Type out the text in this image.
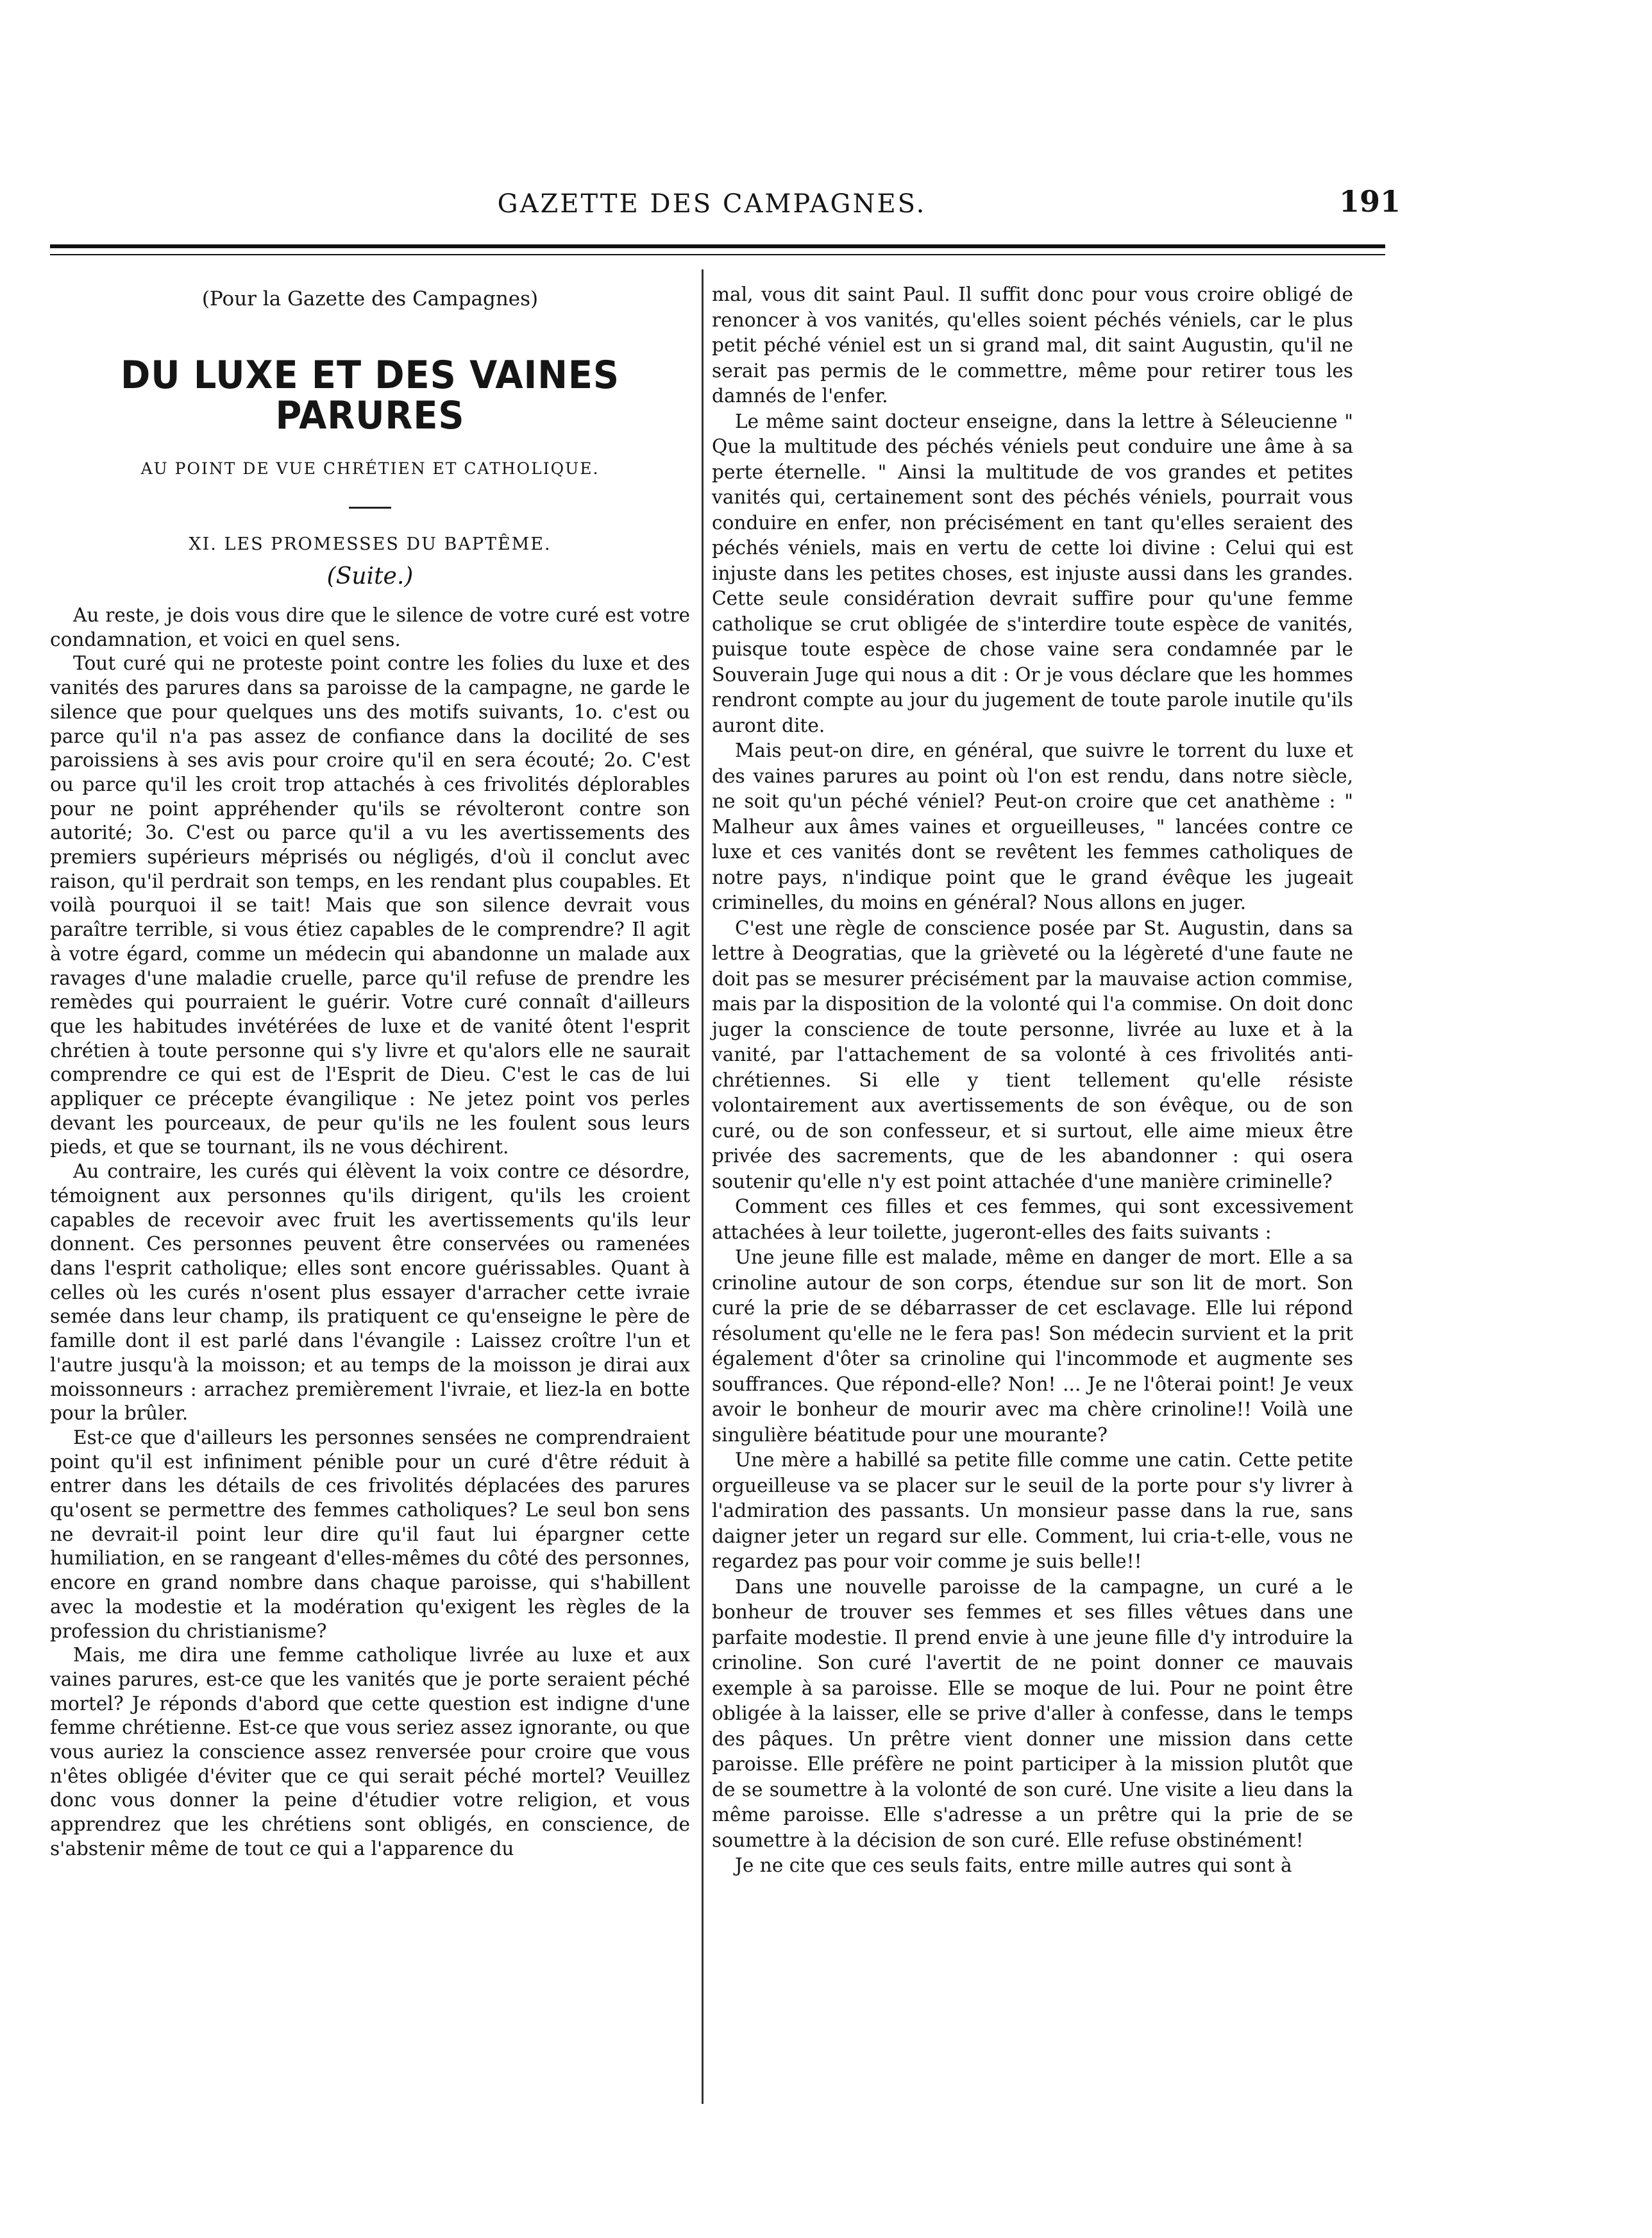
GAZETTE DES CAMPAGNES.	191
(Pour la Gazette des Campagnes)
DU LUXE ET DES VAINES PARURES
AU POINT DE VUE CHRÉTIEN ET CATHOLIQUE.
XI. LES PROMESSES DU BAPTÊME.
(Suite.)

Au reste, je dois vous dire que le silence de votre curé est votre condamnation, et voici en quel sens.

Tout curé qui ne proteste point contre les folies du luxe et des vanités des parures dans sa paroisse de la campagne, ne garde le silence que pour quelques uns des motifs suivants, 1o. c'est ou parce qu'il n'a pas assez de confiance dans la docilité de ses paroissiens à ses avis pour croire qu'il en sera écouté; 2o. C'est ou parce qu'il les croit trop attachés à ces frivolités déplorables pour ne point appréhender qu'ils se révolteront contre son autorité; 3o. C'est ou parce qu'il a vu les avertissements des premiers supérieurs méprisés ou négligés, d'où il conclut avec raison, qu'il perdrait son temps, en les rendant plus coupables. Et voilà pourquoi il se tait! Mais que son silence devrait vous paraître terrible, si vous étiez capables de le comprendre? Il agit à votre égard, comme un médecin qui abandonne un malade aux ravages d'une maladie cruelle, parce qu'il refuse de prendre les remèdes qui pourraient le guérir. Votre curé connaît d'ailleurs que les habitudes invétérées de luxe et de vanité ôtent l'esprit chrétien à toute personne qui s'y livre et qu'alors elle ne saurait comprendre ce qui est de l'Esprit de Dieu. C'est le cas de lui appliquer ce précepte évangilique : Ne jetez point vos perles devant les pourceaux, de peur qu'ils ne les foulent sous leurs pieds, et que se tournant, ils ne vous déchirent.

Au contraire, les curés qui élèvent la voix contre ce désordre, témoignent aux personnes qu'ils dirigent, qu'ils les croient capables de recevoir avec fruit les avertissements qu'ils leur donnent. Ces personnes peuvent être conservées ou ramenées dans l'esprit catholique; elles sont encore guérissables. Quant à celles où les curés n'osent plus essayer d'arracher cette ivraie semée dans leur champ, ils pratiquent ce qu'enseigne le père de famille dont il est parlé dans l'évangile : Laissez croître l'un et l'autre jusqu'à la moisson; et au temps de la moisson je dirai aux moissonneurs : arrachez premièrement l'ivraie, et liez-la en botte pour la brûler.

Est-ce que d'ailleurs les personnes sensées ne comprendraient point qu'il est infiniment pénible pour un curé d'être réduit à entrer dans les détails de ces frivolités déplacées des parures qu'osent se permettre des femmes catholiques? Le seul bon sens ne devrait-il point leur dire qu'il faut lui épargner cette humiliation, en se rangeant d'elles-mêmes du côté des personnes, encore en grand nombre dans chaque paroisse, qui s'habillent avec la modestie et la modération qu'exigent les règles de la profession du christianisme?

Mais, me dira une femme catholique livrée au luxe et aux vaines parures, est-ce que les vanités que je porte seraient péché mortel? Je réponds d'abord que cette question est indigne d'une femme chrétienne. Est-ce que vous seriez assez ignorante, ou que vous auriez la conscience assez renversée pour croire que vous n'êtes obligée d'éviter que ce qui serait péché mortel? Veuillez donc vous donner la peine d'étudier votre religion, et vous apprendrez que les chrétiens sont obligés, en conscience, de s'abstenir même de tout ce qui a l'apparence du

mal, vous dit saint Paul. Il suffit donc pour vous croire obligé de renoncer à vos vanités, qu'elles soient péchés véniels, car le plus petit péché véniel est un si grand mal, dit saint Augustin, qu'il ne serait pas permis de le commettre, même pour retirer tous les damnés de l'enfer.

Le même saint docteur enseigne, dans la lettre à Séleucienne " Que la multitude des péchés véniels peut conduire une âme à sa perte éternelle. " Ainsi la multitude de vos grandes et petites vanités qui, certainement sont des péchés véniels, pourrait vous conduire en enfer, non précisément en tant qu'elles seraient des péchés véniels, mais en vertu de cette loi divine : Celui qui est injuste dans les petites choses, est injuste aussi dans les grandes. Cette seule considération devrait suffire pour qu'une femme catholique se crut obligée de s'interdire toute espèce de vanités, puisque toute espèce de chose vaine sera condamnée par le Souverain Juge qui nous a dit : Or je vous déclare que les hommes rendront compte au jour du jugement de toute parole inutile qu'ils auront dite.

Mais peut-on dire, en général, que suivre le torrent du luxe et des vaines parures au point où l'on est rendu, dans notre siècle, ne soit qu'un péché véniel? Peut-on croire que cet anathème : " Malheur aux âmes vaines et orgueilleuses, " lancées contre ce luxe et ces vanités dont se revêtent les femmes catholiques de notre pays, n'indique point que le grand évêque les jugeait criminelles, du moins en général? Nous allons en juger.

C'est une règle de conscience posée par St. Augustin, dans sa lettre à Deogratias, que la grièveté ou la légèreté d'une faute ne doit pas se mesurer précisément par la mauvaise action commise, mais par la disposition de la volonté qui l'a commise. On doit donc juger la conscience de toute personne, livrée au luxe et à la vanité, par l'attachement de sa volonté à ces frivolités anti-chrétiennes. Si elle y tient tellement qu'elle résiste volontairement aux avertissements de son évêque, ou de son curé, ou de son confesseur, et si surtout, elle aime mieux être privée des sacrements, que de les abandonner : qui osera soutenir qu'elle n'y est point attachée d'une manière criminelle?

Comment ces filles et ces femmes, qui sont excessivement attachées à leur toilette, jugeront-elles des faits suivants :

Une jeune fille est malade, même en danger de mort. Elle a sa crinoline autour de son corps, étendue sur son lit de mort. Son curé la prie de se débarrasser de cet esclavage. Elle lui répond résolument qu'elle ne le fera pas! Son médecin survient et la prit également d'ôter sa crinoline qui l'incommode et augmente ses souffrances. Que répond-elle? Non! ... Je ne l'ôterai point! Je veux avoir le bonheur de mourir avec ma chère crinoline!! Voilà une singulière béatitude pour une mourante?

Une mère a habillé sa petite fille comme une catin. Cette petite orgueilleuse va se placer sur le seuil de la porte pour s'y livrer à l'admiration des passants. Un monsieur passe dans la rue, sans daigner jeter un regard sur elle. Comment, lui cria-t-elle, vous ne regardez pas pour voir comme je suis belle!!

Dans une nouvelle paroisse de la campagne, un curé a le bonheur de trouver ses femmes et ses filles vêtues dans une parfaite modestie. Il prend envie à une jeune fille d'y introduire la crinoline. Son curé l'avertit de ne point donner ce mauvais exemple à sa paroisse. Elle se moque de lui. Pour ne point être obligée à la laisser, elle se prive d'aller à confesse, dans le temps des pâques. Un prêtre vient donner une mission dans cette paroisse. Elle préfère ne point participer à la mission plutôt que de se soumettre à la volonté de son curé. Une visite a lieu dans la même paroisse. Elle s'adresse a un prêtre qui la prie de se soumettre à la décision de son curé. Elle refuse obstinément!

Je ne cite que ces seuls faits, entre mille autres qui sont à
